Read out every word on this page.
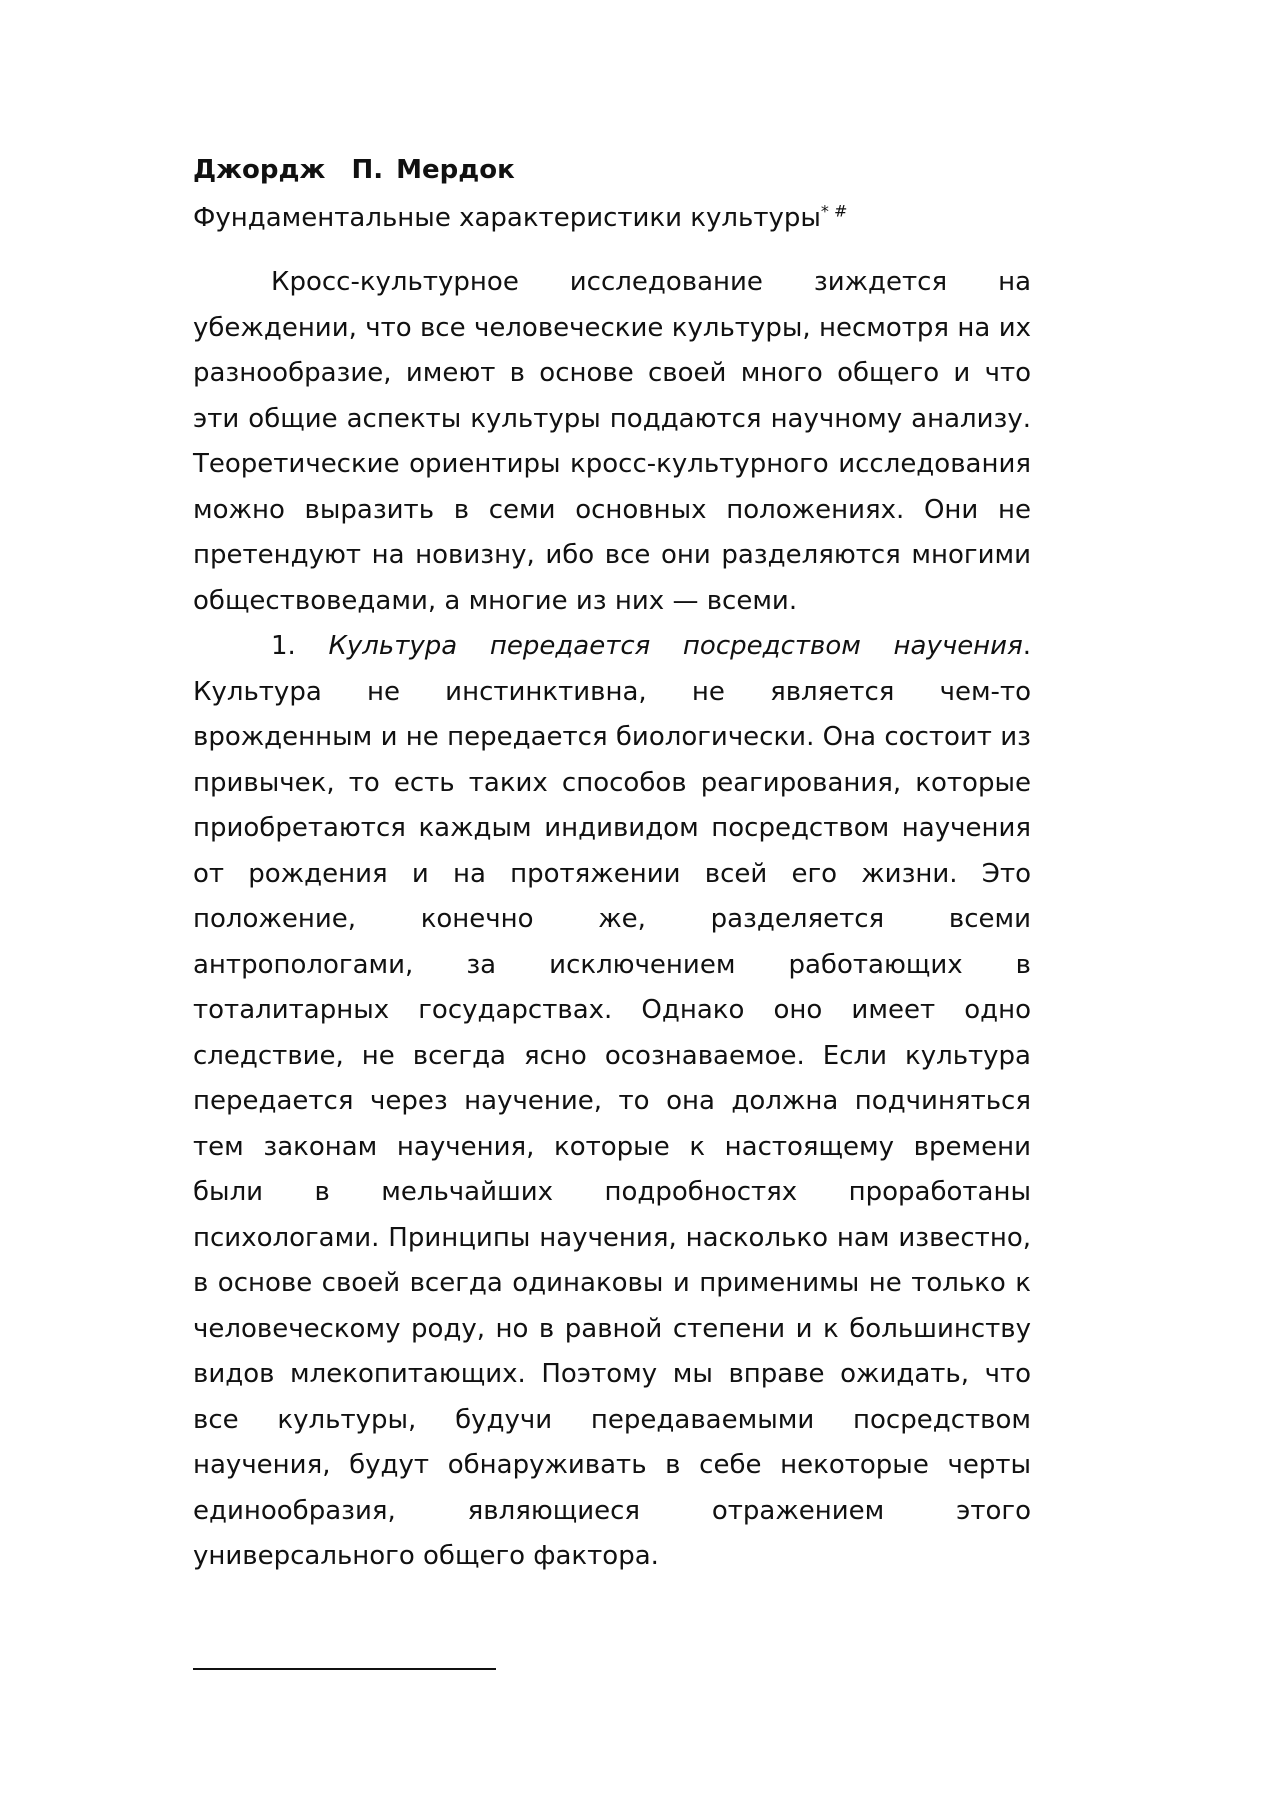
Джордж  П. Мердок

Фундаментальные характеристики культуры* #

Кросс-культурное исследование зиждется на убеждении, что все человеческие культуры, несмотря на их разнообразие, имеют в основе своей много общего и что эти общие аспекты культуры поддаются научному анализу. Теоретические ориентиры кросс-культурного исследования можно выразить в семи основных положениях. Они не претендуют на новизну, ибо все они разделяются многими обществоведами, а многие из них — всеми.

1. Культура передается посредством научения. Культура не инстинктивна, не является чем-то врожденным и не передается биологически. Она состоит из привычек, то есть таких способов реагирования, которые приобретаются каждым индивидом посредством научения от рождения и на протяжении всей его жизни. Это положение, конечно же, разделяется всеми антропологами, за исключением работающих в тоталитарных государствах. Однако оно имеет одно следствие, не всегда ясно осознаваемое. Если культура передается через научение, то она должна подчиняться тем законам научения, которые к настоящему времени были в мельчайших подробностях проработаны психологами. Принципы научения, насколько нам известно, в основе своей всегда одинаковы и применимы не только к человеческому роду, но в равной степени и к большинству видов млекопитающих. Поэтому мы вправе ожидать, что все культуры, будучи передаваемыми посредством научения, будут обнаруживать в себе некоторые черты единообразия, являющиеся отражением этого универсального общего фактора.
